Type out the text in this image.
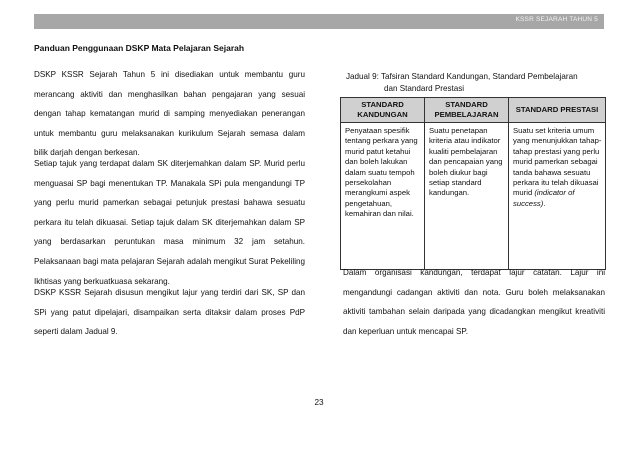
KSSR SEJARAH TAHUN 5
Panduan Penggunaan DSKP Mata Pelajaran Sejarah

DSKP KSSR Sejarah Tahun 5 ini disediakan untuk membantu guru merancang aktiviti dan menghasilkan bahan pengajaran yang sesuai dengan tahap kematangan murid di samping menyediakan penerangan untuk membantu guru melaksanakan kurikulum Sejarah semasa dalam bilik darjah dengan berkesan.

Setiap tajuk yang terdapat dalam SK diterjemahkan dalam SP. Murid perlu menguasai SP bagi menentukan TP. Manakala SPi pula mengandungi TP yang perlu murid pamerkan sebagai petunjuk prestasi bahawa sesuatu perkara itu telah dikuasai. Setiap tajuk dalam SK diterjemahkan dalam SP yang berdasarkan peruntukan masa minimum 32 jam setahun. Pelaksanaan bagi mata pelajaran Sejarah adalah mengikut Surat Pekeliling Ikhtisas yang berkuatkuasa sekarang.

DSKP KSSR Sejarah disusun mengikut lajur yang terdiri dari SK, SP dan SPi yang patut dipelajari, disampaikan serta ditaksir dalam proses PdP seperti dalam Jadual 9.

Jadual 9: Tafsiran Standard Kandungan, Standard Pembelajaran
dan Standard Prestasi
STANDARD KANDUNGAN	STANDARD PEMBELAJARAN	STANDARD PRESTASI
Penyataan spesifik tentang perkara yang murid patut ketahui dan boleh lakukan dalam suatu tempoh persekolahan merangkumi aspek pengetahuan, kemahiran dan nilai.	Suatu penetapan kriteria atau indikator kualiti pembelajaran dan pencapaian yang boleh diukur bagi setiap standard kandungan.	Suatu set kriteria umum yang menunjukkan tahap-tahap prestasi yang perlu murid pamerkan sebagai tanda bahawa sesuatu perkara itu telah dikuasai murid (indicator of success).

Dalam organisasi kandungan, terdapat lajur catatan. Lajur ini mengandungi cadangan aktiviti dan nota. Guru boleh melaksanakan aktiviti tambahan selain daripada yang dicadangkan mengikut kreativiti dan keperluan untuk mencapai SP.

23
